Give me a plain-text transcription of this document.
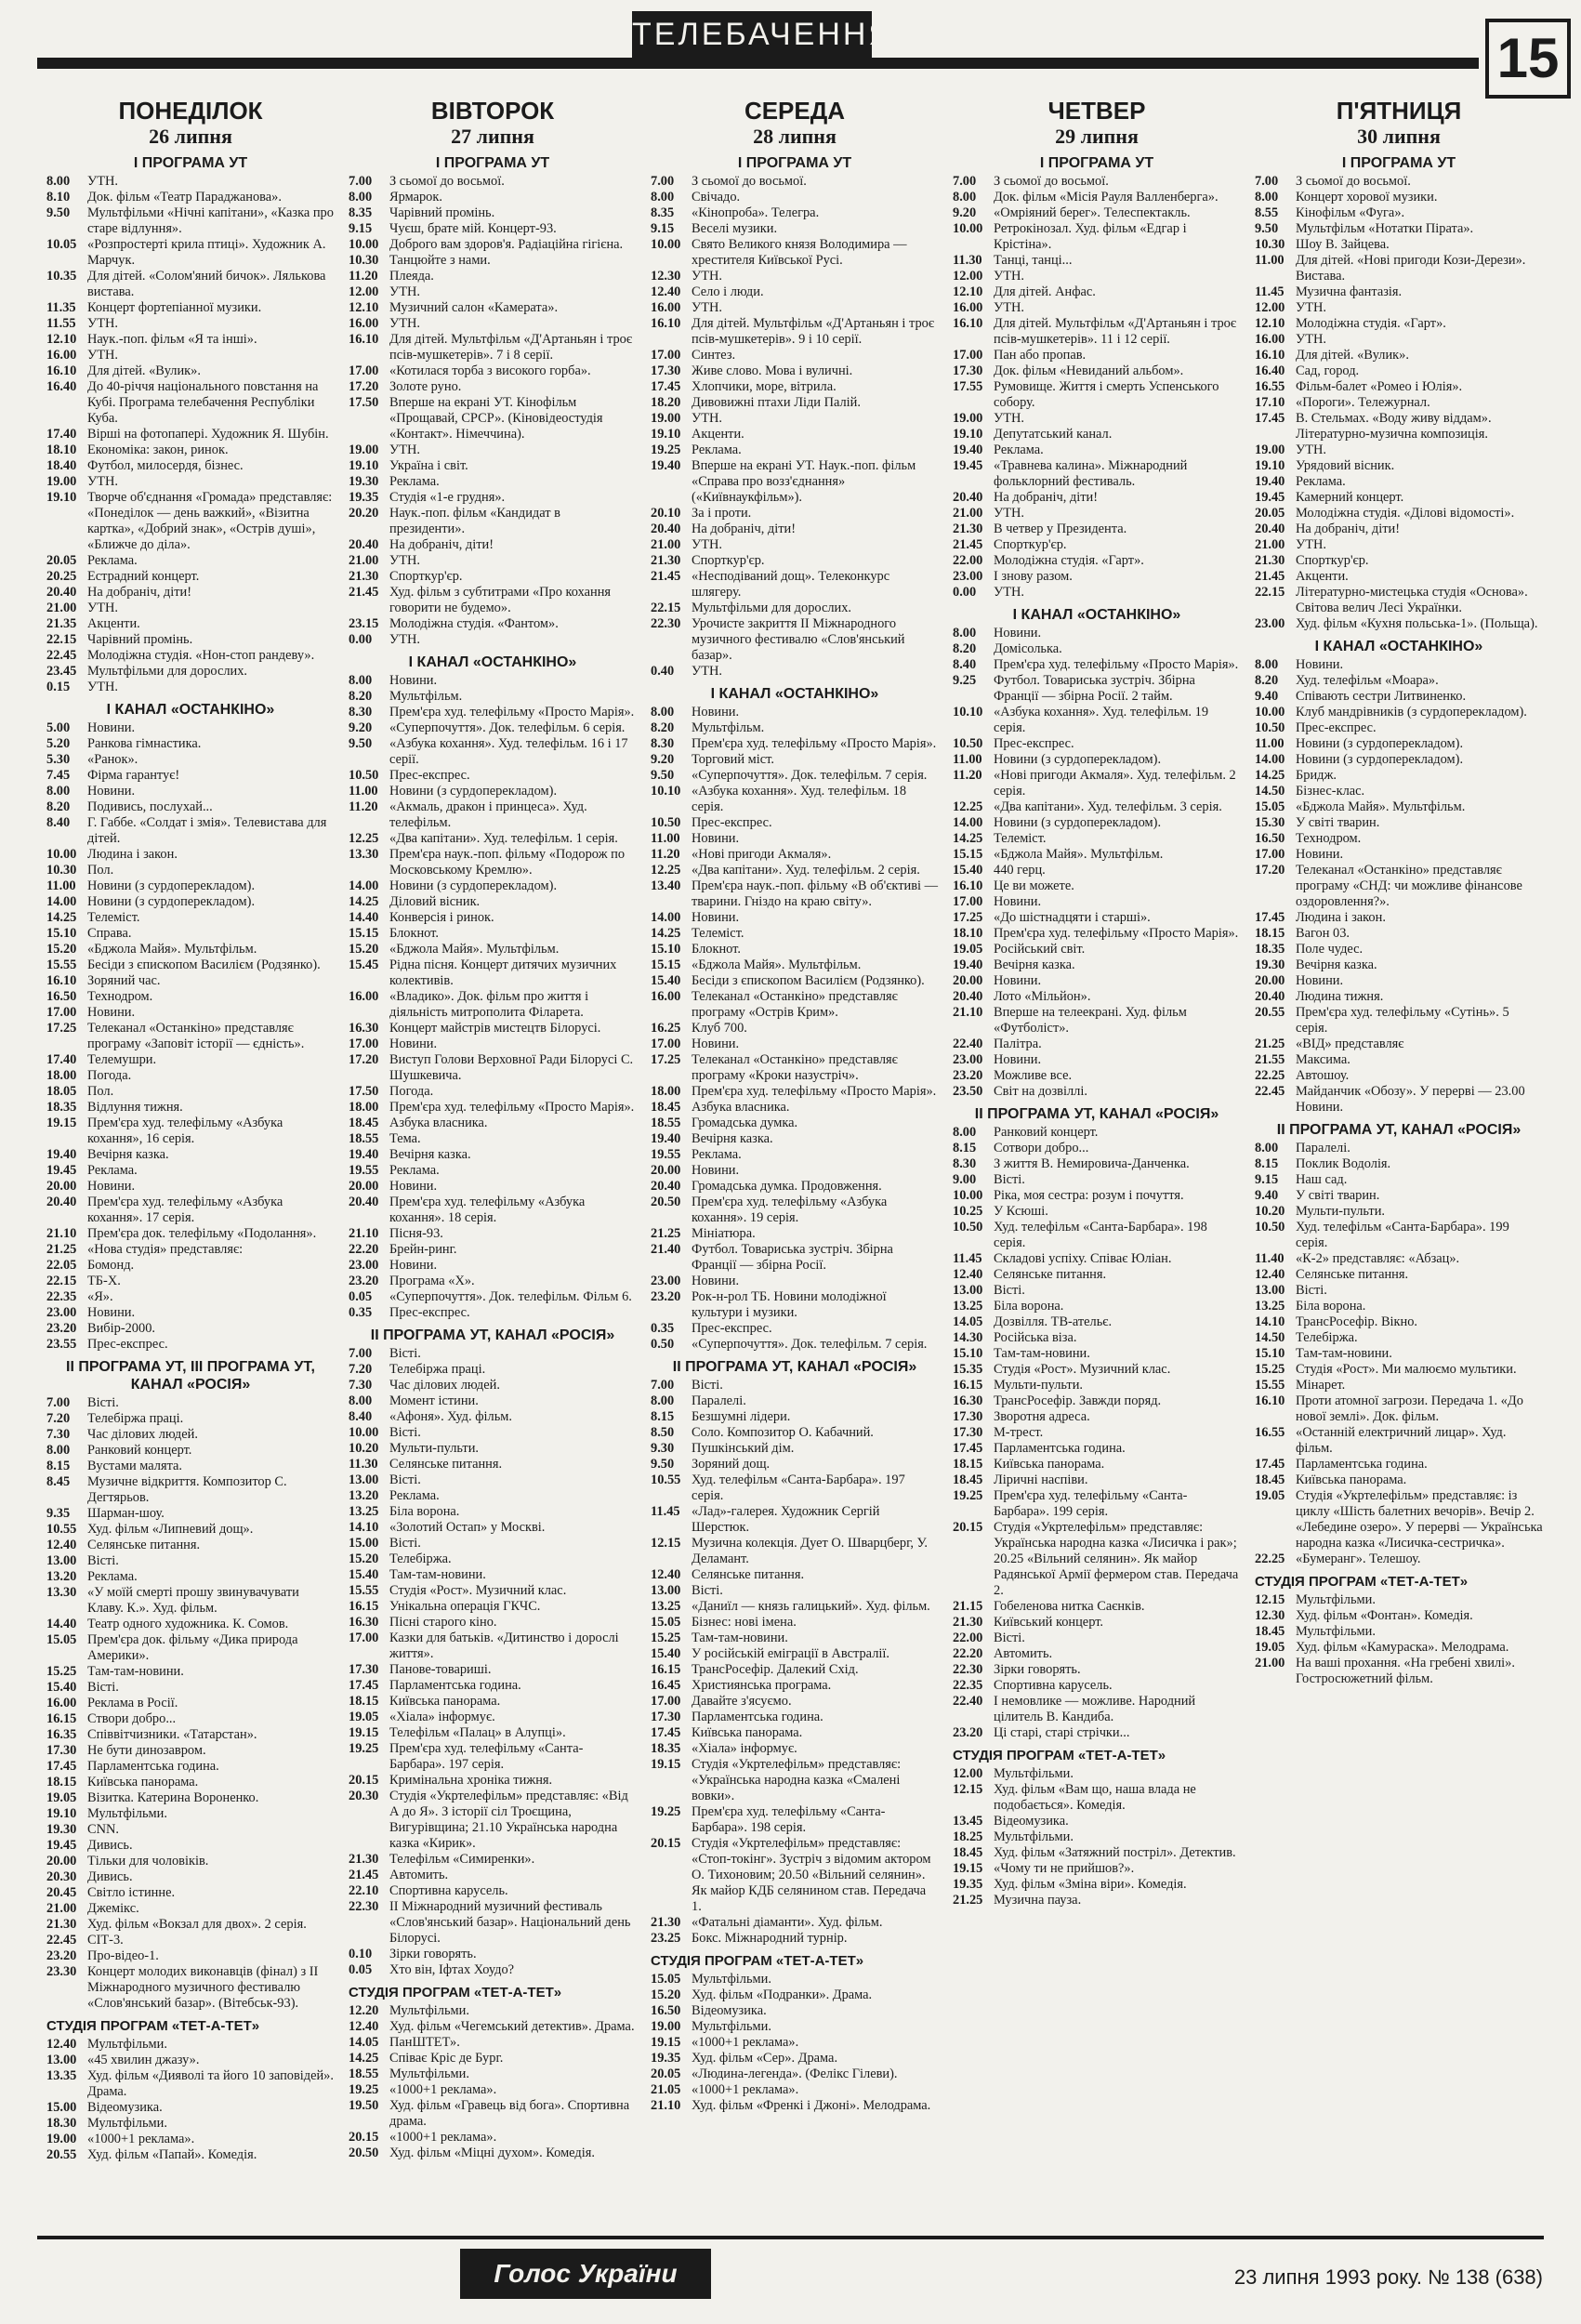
ТЕЛЕБАЧЕННЯ	15
ПОНЕДІЛОК
26 липня
І ПРОГРАМА УТ
8.00	УТН.
8.10	Док. фільм «Театр Параджанова».
9.50	Мультфільми «Нічні капітани», «Казка про старе відлуння».
10.05 «Розпростерті крила птиці». Художник А. Марчук.
10.35 Для дітей. «Солом'яний бичок». Лялькова вистава.
11.35 Концерт фортепіанної музики.
11.55 УТН.
12.10 Наук.-поп. фільм «Я та інші».
16.00 УТН.
16.10 Для дітей. «Вулик».
16.40 До 40-річчя національного повстання на Кубі. Програма телебачення Республіки Куба.
17.40 Вірші на фотопапері. Художник Я. Шубін.
18.10 Економіка: закон, ринок.
18.40 Футбол, милосердя, бізнес.
19.00 УТН.
19.10 Творче об'єднання «Громада» представляє: «Понеділок — день важкий», «Візитна картка», «Добрий знак», «Острів душі», «Ближче до діла».
20.05 Реклама.
20.25 Естрадний концерт.
20.40 На добраніч, діти!
21.00 УТН.
21.35 Акценти.
22.15 Чарівний промінь.
22.45 Молодіжна студія. «Нон-стоп рандеву».
23.45 Мультфільми для дорослих.
0.15	УТН.
І КАНАЛ «ОСТАНКІНО»
5.00	Новини.
5.20	Ранкова гімнастика.
5.30	«Ранок».
7.45	Фірма гарантує!
8.00	Новини.
8.20	Подивись, послухай...
8.40	Г. Габбе. «Солдат і змія». Телевистава для дітей.
10.00 Людина і закон.
10.30 Пол.
11.00 Новини (з сурдоперекладом).
14.00 Новини (з сурдоперекладом).
14.25 Телеміст.
15.10 Справа.
15.20 «Бджола Майя». Мультфільм.
15.55 Бесіди з єпископом Василієм (Родзянко).
16.10 Зоряний час.
16.50 Технодром.
17.00 Новини.
17.25 Телеканал «Останкіно» представляє програму «Заповіт історії — єдність».
17.40 Телемушри.
18.00 Погода.
18.05 Пол.
18.35 Відлуння тижня.
19.15 Прем'єра худ. телефільму «Азбука кохання», 16 серія.
19.40 Вечірня казка.
19.45 Реклама.
20.00 Новини.
20.40 Прем'єра худ. телефільму «Азбука кохання». 17 серія.
21.10 Прем'єра док. телефільму «Подолання».
21.25 «Нова студія» представляє:
22.05 Бомонд.
22.15 ТБ-Х.
22.35 «Я».
23.00 Новини.
23.20 Вибір-2000.
23.55 Прес-експрес.
ІІ ПРОГРАМА УТ, ІІІ ПРОГРАМА УТ, КАНАЛ «РОСІЯ»
7.00	Вісті.
7.20	Телебіржа праці.
7.30	Час ділових людей.
8.00	Ранковий концерт.
8.15	Вустами малята.
8.45	Музичне відкриття. Композитор С. Дегтярьов.
9.35	Шарман-шоу.
10.55 Худ. фільм «Липневий дощ».
12.40 Селянське питання.
13.00 Вісті.
13.20 Реклама.
13.30 «У моїй смерті прошу звинувачувати Клаву. К.». Худ. фільм.
14.40 Театр одного художника. К. Сомов.
15.05 Прем'єра док. фільму «Дика природа Америки».
15.25 Там-там-новини.
15.40 Вісті.
16.00 Реклама в Росії.
16.15 Створи добро...
16.35 Співвітчизники. «Татарстан».
17.30 Не бути динозавром.
17.45 Парламентська година.
18.15 Київська панорама.
19.05 Візитка. Катерина Вороненко.
19.10 Мультфільми.
19.30 CNN.
19.45 Дивись.
20.00 Тільки для чоловіків.
20.30 Дивись.
20.45 Світло істинне.
21.00 Джемікс.
21.30 Худ. фільм «Вокзал для двох». 2 серія.
22.45 СІТ-3.
23.20 Про-відео-1.
23.30 Концерт молодих виконавців (фінал) з ІІ Міжнародного музичного фестивалю «Слов'янський базар». (Вітебськ-93).
СТУДІЯ ПРОГРАМ «ТЕТ-А-ТЕТ»
12.40 Мультфільми.
13.00 «45 хвилин джазу».
13.35 Худ. фільм «Дияволі та його 10 заповідей». Драма.
15.00 Відеомузика.
18.30 Мультфільми.
19.00 «1000+1 реклама».
20.55 Худ. фільм «Папай». Комедія.
ВІВТОРОК
27 липня
І ПРОГРАМА УТ
7.00	З сьомої до восьмої.
8.00	Ярмарок.
8.35	Чарівний промінь.
9.15	Чуєш, брате мій. Концерт-93.
10.00 Доброго вам здоров'я. Радіаційна гігієна.
10.30 Танцюйте з нами.
11.20 Плеяда.
12.00 УТН.
12.10 Музичний салон «Камерата».
16.00 УТН.
16.10 Для дітей. Мультфільм «Д'Артаньян і троє псів-мушкетерів». 7 і 8 серії.
17.00 «Котилася торба з високого горба».
17.20 Золоте руно.
17.50 Вперше на екрані УТ. Кінофільм «Прощавай, СРСР». (Кіновідеостудія «Контакт». Німеччина).
19.00 УТН.
19.10 Україна і світ.
19.30 Реклама.
19.35 Студія «1-е грудня».
20.20 Наук.-поп. фільм «Кандидат в президенти».
20.40 На добраніч, діти!
21.00 УТН.
21.30 Спорткур'єр.
21.45 Худ. фільм з субтитрами «Про кохання говорити не будемо».
23.15 Молодіжна студія. «Фантом».
0.00	УТН.
І КАНАЛ «ОСТАНКІНО»
8.00	Новини.
8.20	Мультфільм.
8.30	Прем'єра худ. телефільму «Просто Марія».
9.20	«Суперпочуття». Док. телефільм. 6 серія.
9.50	«Азбука кохання». Худ. телефільм. 16 і 17 серії.
10.50 Прес-експрес.
11.00 Новини (з сурдоперекладом).
11.20 «Акмаль, дракон і принцеса». Худ. телефільм.
12.25 «Два капітани». Худ. телефільм. 1 серія.
13.30 Прем'єра наук.-поп. фільму «Подорож по Московському Кремлю».
14.00 Новини (з сурдоперекладом).
14.25 Діловий вісник.
14.40 Конверсія і ринок.
15.15 Блокнот.
15.20 «Бджола Майя». Мультфільм.
15.45 Рідна пісня. Концерт дитячих музичних колективів.
16.00 «Владико». Док. фільм про життя і діяльність митрополита Філарета.
16.30 Концерт майстрів мистецтв Білорусі.
17.00 Новини.
17.20 Виступ Голови Верховної Ради Білорусі С. Шушкевича.
17.50 Погода.
18.00 Прем'єра худ. телефільму «Просто Марія».
18.45 Азбука власника.
18.55 Тема.
19.40 Вечірня казка.
19.55 Реклама.
20.00 Новини.
20.40 Прем'єра худ. телефільму «Азбука кохання». 18 серія.
21.10 Пісня-93.
22.20 Брейн-ринг.
23.00 Новини.
23.20 Програма «Х».
0.05	«Суперпочуття». Док. телефільм. Фільм 6.
0.35	Прес-експрес.
ІІ ПРОГРАМА УТ, КАНАЛ «РОСІЯ»
7.00	Вісті.
7.20	Телебіржа праці.
7.30	Час ділових людей.
8.00	Момент істини.
8.40	«Афоня». Худ. фільм.
10.00 Вісті.
10.20 Мульти-пульти.
11.30 Селянське питання.
13.00 Вісті.
13.20 Реклама.
13.25 Біла ворона.
14.10 «Золотий Остап» у Москві.
15.00 Вісті.
15.20 Телебіржа.
15.40 Там-там-новини.
15.55 Студія «Рост». Музичний клас.
16.15 Унікальна операція ГКЧС.
16.30 Пісні старого кіно.
17.00 Казки для батьків. «Дитинство і дорослі життя».
17.30 Панове-товариші.
17.45 Парламентська година.
18.15 Київська панорама.
19.05 «Хіала» інформує.
19.15 Телефільм «Палац» в Алупці».
19.25 Прем'єра худ. телефільму «Санта-Барбара». 197 серія.
20.15 Кримінальна хроніка тижня.
20.30 Студія «Укртелефільм» представляє: «Від А до Я». З історії сіл Троєщина, Вигурівщина; 21.10 Українська народна казка «Кирик».
21.30 Телефільм «Симиренки».
21.45 Автомить.
22.10 Спортивна карусель.
22.30 ІІ Міжнародний музичний фестиваль «Слов'янський базар». Національний день Білорусі.
0.10	Зірки говорять.
0.05	Хто він, Іфтах Хоудо?
СТУДІЯ ПРОГРАМ «ТЕТ-А-ТЕТ»
12.20 Мультфільми.
12.40 Худ. фільм «Чегемський детектив». Драма.
14.05 ПанШТЕТ».
14.25 Співає Кріс де Бург.
18.55 Мультфільми.
19.25 «1000+1 реклама».
19.50 Худ. фільм «Гравець від бога». Спортивна драма.
20.15 «1000+1 реклама».
20.50 Худ. фільм «Міцні духом». Комедія.
СЕРЕДА
28 липня
І ПРОГРАМА УТ
7.00	З сьомої до восьмої.
8.00	Свічадо.
8.35	«Кінопроба». Телегра.
9.15	Веселі музики.
10.00 Свято Великого князя Володимира — хрестителя Київської Русі.
12.30 УТН.
12.40 Село і люди.
16.00 УТН.
16.10 Для дітей. Мультфільм «Д'Артаньян і троє псів-мушкетерів». 9 і 10 серії.
17.00 Синтез.
17.30 Живе слово. Мова і вуличні.
17.45 Хлопчики, море, вітрила.
18.20 Дивовижні птахи Ліди Палій.
19.00 УТН.
19.10 Акценти.
19.25 Реклама.
19.40 Вперше на екрані УТ. Наук.-поп. фільм «Справа про возз'єднання» («Київнаукфільм»).
20.10 За і проти.
20.40 На добраніч, діти!
21.00 УТН.
21.30 Спорткур'єр.
21.45 «Несподіваний дощ». Телеконкурс шлягеру.
22.15 Мультфільми для дорослих.
22.30 Урочисте закриття ІІ Міжнародного музичного фестивалю «Слов'янський базар».
0.40	УТН.
І КАНАЛ «ОСТАНКІНО»
8.00	Новини.
8.20	Мультфільм.
8.30	Прем'єра худ. телефільму «Просто Марія».
9.20	Торговий міст.
9.50	«Суперпочуття». Док. телефільм. 7 серія.
10.10 «Азбука кохання». Худ. телефільм. 18 серія.
10.50 Прес-експрес.
11.00 Новини.
11.20 «Нові пригоди Акмаля».
12.25 «Два капітани». Худ. телефільм. 2 серія.
13.40 Прем'єра наук.-поп. фільму «В об'єктиві — тварини. Гніздо на краю світу».
14.00 Новини.
14.25 Телеміст.
15.10 Блокнот.
15.15 «Бджола Майя». Мультфільм.
15.40 Бесіди з єпископом Василієм (Родзянко).
16.00 Телеканал «Останкіно» представляє програму «Острів Крим».
16.25 Клуб 700.
17.00 Новини.
17.25 Телеканал «Останкіно» представляє програму «Кроки назустріч».
18.00 Прем'єра худ. телефільму «Просто Марія».
18.45 Азбука власника.
18.55 Громадська думка.
19.40 Вечірня казка.
19.55 Реклама.
20.00 Новини.
20.40 Громадська думка. Продовження.
20.50 Прем'єра худ. телефільму «Азбука кохання». 19 серія.
21.25 Мініатюра.
21.40 Футбол. Товариська зустріч. Збірна Франції — збірна Росії.
23.00 Новини.
23.20 Рок-н-рол ТБ. Новини молодіжної культури і музики.
0.35	Прес-експрес.
0.50	«Суперпочуття». Док. телефільм. 7 серія.
ІІ ПРОГРАМА УТ, КАНАЛ «РОСІЯ»
7.00	Вісті.
8.00	Паралелі.
8.15	Безшумні лідери.
8.50	Соло. Композитор О. Кабачний.
9.30	Пушкінський дім.
9.50	Зоряний дощ.
10.55 Худ. телефільм «Санта-Барбара». 197 серія.
11.45 «Лад»-галерея. Художник Сергій Шерстюк.
12.15 Музична колекція. Дует О. Шварцберг, У. Деламант.
12.40 Селянське питання.
13.00 Вісті.
13.25 «Даниїл — князь галицький». Худ. фільм.
15.05 Бізнес: нові імена.
15.25 Там-там-новини.
15.40 У російській еміграції в Австралії.
16.15 ТрансРосефір. Далекий Схід.
16.45 Християнська програма.
17.00 Давайте з'ясуємо.
17.30 Парламентська година.
17.45 Київська панорама.
18.35 «Хіала» інформує.
19.15 Студія «Укртелефільм» представляє: «Українська народна казка «Смалені вовки».
19.25 Прем'єра худ. телефільму «Санта-Барбара». 198 серія.
20.15 Студія «Укртелефільм» представляє: «Стоп-токінг». Зустріч з відомим актором О. Тихоновим; 20.50 «Вільний селянин». Як майор КДБ селянином став. Передача 1.
21.30 «Фатальні діаманти». Худ. фільм.
23.25 Бокс. Міжнародний турнір.
СТУДІЯ ПРОГРАМ «ТЕТ-А-ТЕТ»
15.05 Мультфільми.
15.20 Худ. фільм «Подранки». Драма.
16.50 Відеомузика.
19.00 Мультфільми.
19.15 «1000+1 реклама».
19.35 Худ. фільм «Сер». Драма.
20.05 «Людина-легенда». (Фелікс Гілеви).
21.05 «1000+1 реклама».
21.10 Худ. фільм «Френкі і Джоні». Мелодрама.
ЧЕТВЕР
29 липня
І ПРОГРАМА УТ
7.00	З сьомої до восьмої.
8.00	Док. фільм «Місія Рауля Валленберга».
9.20	«Омріяний берег». Телеспектакль.
10.00 Ретрокінозал. Худ. фільм «Едгар і Крістіна».
11.30 Танці, танці...
12.00 УТН.
12.10 Для дітей. Анфас.
16.00 УТН.
16.10 Для дітей. Мультфільм «Д'Артаньян і троє псів-мушкетерів». 11 і 12 серії.
17.00 Пан або пропав.
17.30 Док. фільм «Невиданий альбом».
17.55 Румовище. Життя і смерть Успенського собору.
19.00 УТН.
19.10 Депутатський канал.
19.40 Реклама.
19.45 «Травнева калина». Міжнародний фольклорний фестиваль.
20.40 На добраніч, діти!
21.00 УТН.
21.30 В четвер у Президента.
21.45 Спорткур'єр.
22.00 Молодіжна студія. «Гарт».
23.00 І знову разом.
0.00	УТН.
І КАНАЛ «ОСТАНКІНО»
8.00	Новини.
8.20	Домісолька.
8.40	Прем'єра худ. телефільму «Просто Марія».
9.25	Футбол. Товариська зустріч. Збірна Франції — збірна Росії. 2 тайм.
10.10 «Азбука кохання». Худ. телефільм. 19 серія.
10.50 Прес-експрес.
11.00 Новини (з сурдоперекладом).
11.20 «Нові пригоди Акмаля». Худ. телефільм. 2 серія.
12.25 «Два капітани». Худ. телефільм. 3 серія.
14.00 Новини (з сурдоперекладом).
14.25 Телеміст.
15.15 «Бджола Майя». Мультфільм.
15.40 440 герц.
16.10 Це ви можете.
17.00 Новини.
17.25 «До шістнадцяти і старші».
18.10 Прем'єра худ. телефільму «Просто Марія».
19.05 Російський світ.
19.40 Вечірня казка.
20.00 Новини.
20.40 Лото «Мільйон».
21.10 Вперше на телеекрані. Худ. фільм «Футболіст».
22.40 Палітра.
23.00 Новини.
23.20 Можливе все.
23.50 Світ на дозвіллі.
ІІ ПРОГРАМА УТ, КАНАЛ «РОСІЯ»
8.00	Ранковий концерт.
8.15	Сотвори добро...
8.30	З життя В. Немировича-Данченка.
9.00	Вісті.
10.00 Ріка, моя сестра: розум і почуття.
10.25 У Ксюші.
10.50 Худ. телефільм «Санта-Барбара». 198 серія.
11.45 Складові успіху. Співає Юліан.
12.40 Селянське питання.
13.00 Вісті.
13.25 Біла ворона.
14.05 Дозвілля. ТВ-ательє.
14.30 Російська віза.
15.10 Там-там-новини.
15.35 Студія «Рост». Музичний клас.
16.15 Мульти-пульти.
16.30 ТрансРосефір. Завжди поряд.
17.30 Зворотня адреса.
17.30 М-трест.
17.45 Парламентська година.
18.15 Київська панорама.
18.45 Ліричні наспіви.
19.25 Прем'єра худ. телефільму «Санта-Барбара». 199 серія.
20.15 Студія «Укртелефільм» представляє: Українська народна казка «Лисичка і рак»; 20.25 «Вільний селянин». Як майор Радянської Армії фермером став. Передача 2.
21.15 Гобеленова нитка Саєнків.
21.30 Київський концерт.
22.00 Вісті.
22.20 Автомить.
22.30 Зірки говорять.
22.35 Спортивна карусель.
22.40 І немовлике — можливе. Народний цілитель В. Кандиба.
23.20 Ці старі, старі стрічки...
СТУДІЯ ПРОГРАМ «ТЕТ-А-ТЕТ»
12.00 Мультфільми.
12.15 Худ. фільм «Вам що, наша влада не подобається». Комедія.
13.45 Відеомузика.
18.25 Мультфільми.
18.45 Худ. фільм «Затяжний постріл». Детектив.
19.15 «Чому ти не прийшов?».
19.35 Худ. фільм «Зміна віри». Комедія.
21.25 Музична пауза.
П'ЯТНИЦЯ
30 липня
І ПРОГРАМА УТ
7.00	З сьомої до восьмої.
8.00	Концерт хорової музики.
8.55	Кінофільм «Фуга».
9.50	Мультфільм «Нотатки Пірата».
10.30 Шоу В. Зайцева.
11.00 Для дітей. «Нові пригоди Кози-Дерези». Вистава.
11.45 Музична фантазія.
12.00 УТН.
12.10 Молодіжна студія. «Гарт».
16.00 УТН.
16.10 Для дітей. «Вулик».
16.40 Сад, город.
16.55 Фільм-балет «Ромео і Юлія».
17.10 «Пороги». Тележурнал.
17.45 В. Стельмах. «Воду живу віддам». Літературно-музична композиція.
19.00 УТН.
19.10 Урядовий вісник.
19.40 Реклама.
19.45 Камерний концерт.
20.05 Молодіжна студія. «Ділові відомості».
20.40 На добраніч, діти!
21.00 УТН.
21.30 Спорткур'єр.
21.45 Акценти.
22.15 Літературно-мистецька студія «Основа». Світова велич Лесі Українки.
23.00 Худ. фільм «Кухня польська-1». (Польща).
І КАНАЛ «ОСТАНКІНО»
8.00	Новини.
8.20	Худ. телефільм «Моара».
9.40	Співають сестри Литвиненко.
10.00 Клуб мандрівників (з сурдоперекладом).
10.50 Прес-експрес.
11.00 Новини (з сурдоперекладом).
14.00 Новини (з сурдоперекладом).
14.25 Бридж.
14.50 Бізнес-клас.
15.05 «Бджола Майя». Мультфільм.
15.30 У світі тварин.
16.50 Технодром.
17.00 Новини.
17.20 Телеканал «Останкіно» представляє програму «СНД: чи можливе фінансове оздоровлення?».
17.45 Людина і закон.
18.15 Вагон 03.
18.35 Поле чудес.
19.30 Вечірня казка.
20.00 Новини.
20.40 Людина тижня.
20.55 Прем'єра худ. телефільму «Сутінь». 5 серія.
21.25 «ВІД» представляє
21.55 Максима.
22.25 Автошоу.
22.45 Майданчик «Обозу». У перерві — 23.00 Новини.
ІІ ПРОГРАМА УТ, КАНАЛ «РОСІЯ»
8.00	Паралелі.
8.15	Поклик Водолія.
9.15	Наш сад.
9.40	У світі тварин.
10.20 Мульти-пульти.
10.50 Худ. телефільм «Санта-Барбара». 199 серія.
11.40 «К-2» представляє: «Абзац».
12.40 Селянське питання.
13.00 Вісті.
13.25 Біла ворона.
14.10 ТрансРосефір. Вікно.
14.50 Телебіржа.
15.10 Там-там-новини.
15.25 Студія «Рост». Ми малюємо мультики.
15.55 Мінарет.
16.10 Проти атомної загрози. Передача 1. «До нової землі». Док. фільм.
16.55 «Останній електричний лицар». Худ. фільм.
17.45 Парламентська година.
18.45 Київська панорама.
19.05 Студія «Укртелефільм» представляє: із циклу «Шість балетних вечорів». Вечір 2. «Лебедине озеро». У перерві — Українська народна казка «Лисичка-сестричка».
22.25 «Бумеранг». Телешоу.
СТУДІЯ ПРОГРАМ «ТЕТ-А-ТЕТ»
12.15 Мультфільми.
12.30 Худ. фільм «Фонтан». Комедія.
18.45 Мультфільми.
19.05 Худ. фільм «Камураска». Мелодрама.
21.00 На ваші прохання. «На гребені хвилі». Гостросюжетний фільм.
Голос України	23 липня 1993 року. № 138 (638)
